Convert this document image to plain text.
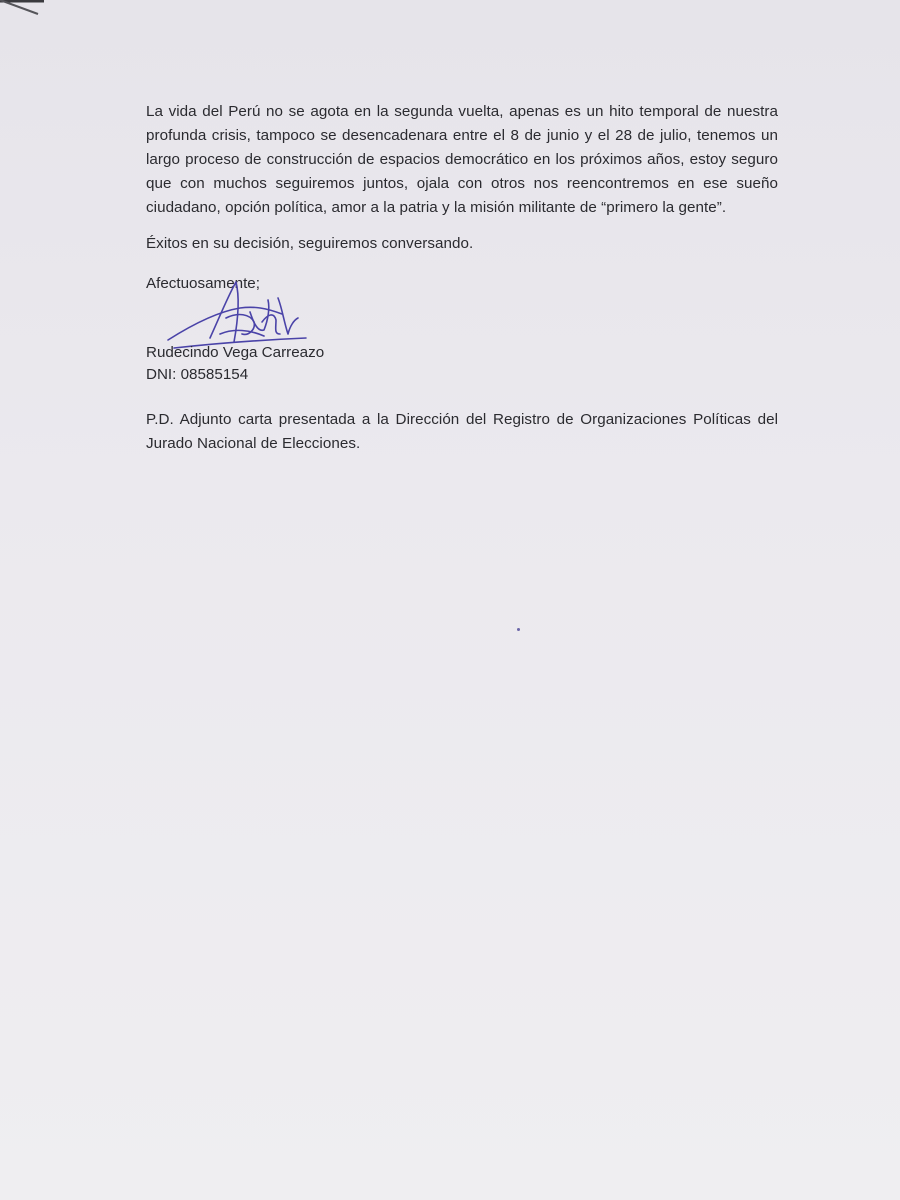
La vida del Perú no se agota en la segunda vuelta, apenas es un hito temporal de nuestra profunda crisis, tampoco se desencadenara entre el 8 de junio y el 28 de julio, tenemos un largo proceso de construcción de espacios democrático en los próximos años, estoy seguro que con muchos seguiremos juntos, ojala con otros nos reencontremos en ese sueño ciudadano, opción política, amor a la patria y la misión militante de “primero la gente”.

Éxitos en su decisión, seguiremos conversando.

Afectuosamente;

Rudecindo Vega Carreazo

DNI: 08585154

P.D. Adjunto carta presentada a la Dirección del Registro de Organizaciones Políticas del Jurado Nacional de Elecciones.
